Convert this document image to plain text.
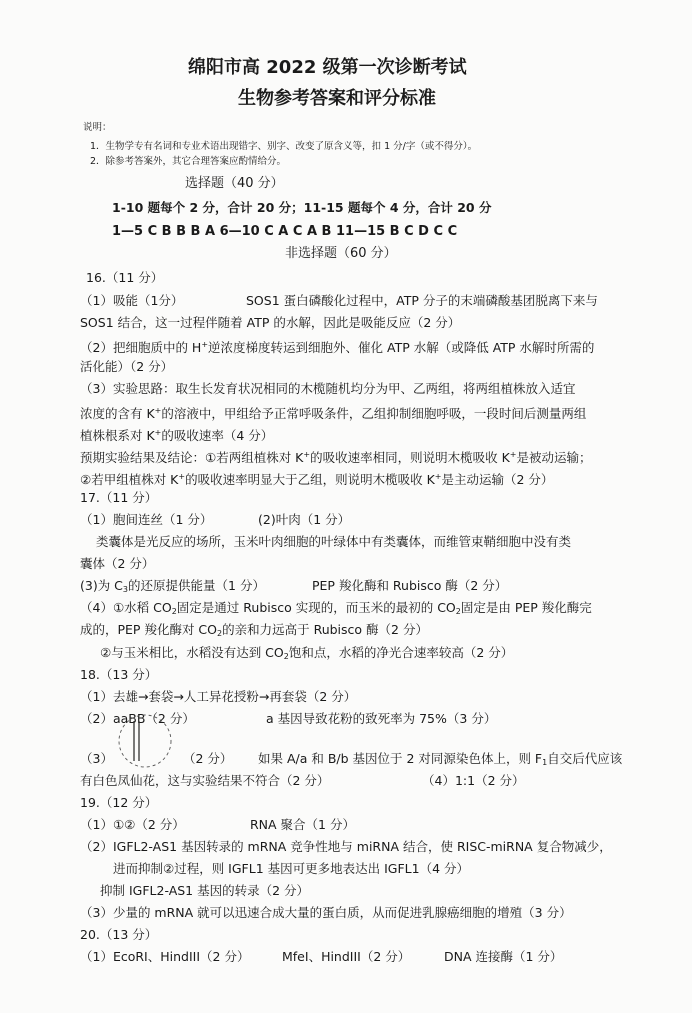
绵阳市高 2022 级第一次诊断考试
生物参考答案和评分标准
说明：
1．生物学专有名词和专业术语出现错字、别字、改变了原含义等，扣 1 分/字（或不得分）。
2．除参考答案外，其它合理答案应酌情给分。
选择题（40 分）
1-10 题每个 2 分，合计 20 分；11-15 题每个 4 分，合计 20 分
1—5 C B B B A 6—10 C A C A B 11—15 B C D C C
非选择题（60 分）
16.（11 分）
（1）吸能（1分）	SOS1 蛋白磷酸化过程中，ATP 分子的末端磷酸基团脱离下来与
SOS1 结合，这一过程伴随着 ATP 的水解，因此是吸能反应（2 分）
（2）把细胞质中的 H+逆浓度梯度转运到细胞外、催化 ATP 水解（或降低 ATP 水解时所需的
活化能）（2 分）
（3）实验思路：取生长发育状况相同的木榄随机均分为甲、乙两组，将两组植株放入适宜
浓度的含有 K+的溶液中，甲组给予正常呼吸条件，乙组抑制细胞呼吸，一段时间后测量两组
植株根系对 K+的吸收速率（4 分）
预期实验结果及结论：①若两组植株对 K+的吸收速率相同，则说明木榄吸收 K+是被动运输；
②若甲组植株对 K+的吸收速率明显大于乙组，则说明木榄吸收 K+是主动运输（2 分）
17.（11 分）
（1）胞间连丝（1 分）	(2)叶肉（1 分）
类囊体是光反应的场所，玉米叶肉细胞的叶绿体中有类囊体，而维管束鞘细胞中没有类
囊体（2 分）
(3)为 $C_3$的还原提供能量（1 分）	PEP 羧化酶和 Rubisco 酶（2 分）
（4）①水稻 $CO_2$固定是通过 Rubisco 实现的，而玉米的最初的 $CO_2$固定是由 PEP 羧化酶完
成的，PEP 羧化酶对 $CO_2$的亲和力远高于 Rubisco 酶（2 分）
②与玉米相比，水稻没有达到 $CO_2$饱和点，水稻的净光合速率较高（2 分）
18.（13 分）
（1）去雄→套袋→人工异花授粉→再套袋（2 分）
（2）aaBB（2 分）	a 基因导致花粉的致死率为 75%（3 分）
（3）	（2 分） 如果 A/a 和 B/b 基因位于 2 对同源染色体上，则 $F_1$自交后代应该
有白色凤仙花，这与实验结果不符合（2 分）	（4）1:1（2 分）
19.（12 分）
（1）①②（2 分）	RNA 聚合（1 分）
（2）IGFL2-AS1 基因转录的 mRNA 竞争性地与 miRNA 结合，使 RISC-miRNA 复合物减少，
进而抑制②过程，则 IGFL1 基因可更多地表达出 IGFL1（4 分）
抑制 IGFL2-AS1 基因的转录（2 分）
（3）少量的 mRNA 就可以迅速合成大量的蛋白质，从而促进乳腺癌细胞的增殖（3 分）
20.（13 分）
（1）EcoRI、HindIII（2 分）	MfeI、HindIII（2 分）	DNA 连接酶（1 分）
